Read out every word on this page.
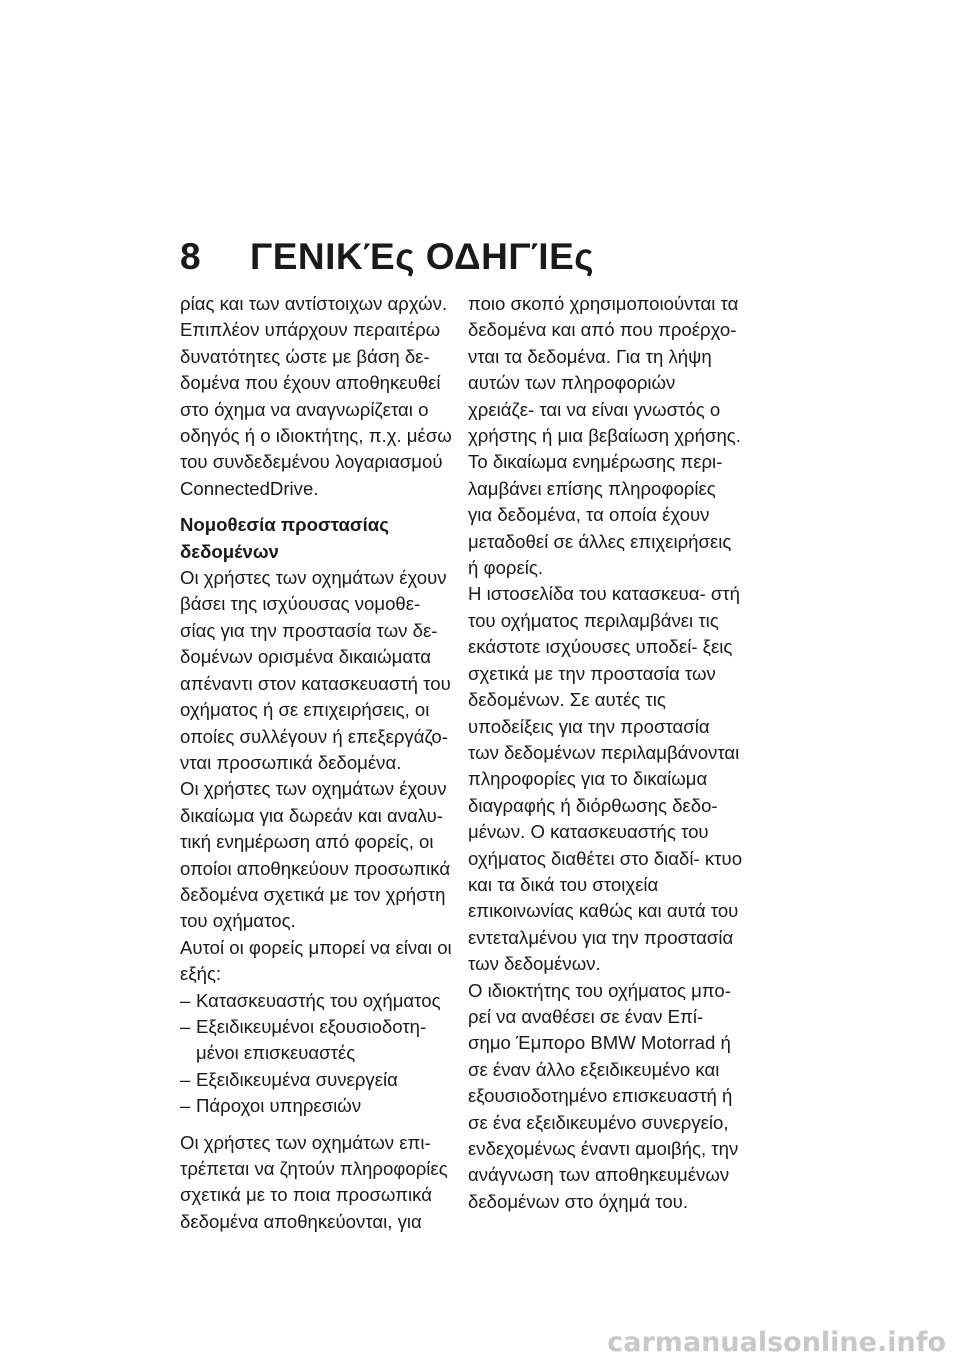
8	ΓΕΝΙΚΈς ΟΔΗΓΊΕς

ρίας και των αντίστοιχων αρχών. Επιπλέον υπάρχουν περαιτέρω δυνατότητες ώστε με βάση δε- δομένα που έχουν αποθηκευθεί στο όχημα να αναγνωρίζεται ο οδηγός ή ο ιδιοκτήτης, π.χ. μέσω του συνδεδεμένου λογαριασμού ConnectedDrive.

Νομοθεσία προστασίας δεδομένων

Οι χρήστες των οχημάτων έχουν βάσει της ισχύουσας νομοθε- σίας για την προστασία των δε- δομένων ορισμένα δικαιώματα απέναντι στον κατασκευαστή του οχήματος ή σε επιχειρήσεις, οι οποίες συλλέγουν ή επεξεργάζο- νται προσωπικά δεδομένα.

Οι χρήστες των οχημάτων έχουν δικαίωμα για δωρεάν και αναλυ- τική ενημέρωση από φορείς, οι οποίοι αποθηκεύουν προσωπικά δεδομένα σχετικά με τον χρήστη του οχήματος.

Αυτοί οι φορείς μπορεί να είναι οι εξής:

– Κατασκευαστής του οχήματος
– Εξειδικευμένοι εξουσιοδοτη- μένοι επισκευαστές
– Εξειδικευμένα συνεργεία
– Πάροχοι υπηρεσιών

Οι χρήστες των οχημάτων επι- τρέπεται να ζητούν πληροφορίες σχετικά με το ποια προσωπικά δεδομένα αποθηκεύονται, για

ποιο σκοπό χρησιμοποιούνται τα δεδομένα και από που προέρχο- νται τα δεδομένα. Για τη λήψη αυτών των πληροφοριών χρειάζε- ται να είναι γνωστός ο χρήστης ή μια βεβαίωση χρήσης.

Το δικαίωμα ενημέρωσης περι- λαμβάνει επίσης πληροφορίες για δεδομένα, τα οποία έχουν μεταδοθεί σε άλλες επιχειρήσεις ή φορείς.

Η ιστοσελίδα του κατασκευα- στή του οχήματος περιλαμβάνει τις εκάστοτε ισχύουσες υποδεί- ξεις σχετικά με την προστασία των δεδομένων. Σε αυτές τις υποδείξεις για την προστασία των δεδομένων περιλαμβάνονται πληροφορίες για το δικαίωμα διαγραφής ή διόρθωσης δεδο- μένων. Ο κατασκευαστής του οχήματος διαθέτει στο διαδί- κτυο και τα δικά του στοιχεία επικοινωνίας καθώς και αυτά του εντεταλμένου για την προστασία των δεδομένων.

Ο ιδιοκτήτης του οχήματος μπο- ρεί να αναθέσει σε έναν Επί- σημο Έμπορο BMW Motorrad ή σε έναν άλλο εξειδικευμένο και εξουσιοδοτημένο επισκευαστή ή σε ένα εξειδικευμένο συνεργείο, ενδεχομένως έναντι αμοιβής, την ανάγνωση των αποθηκευμένων δεδομένων στο όχημά του.

carmanualsonline.info
